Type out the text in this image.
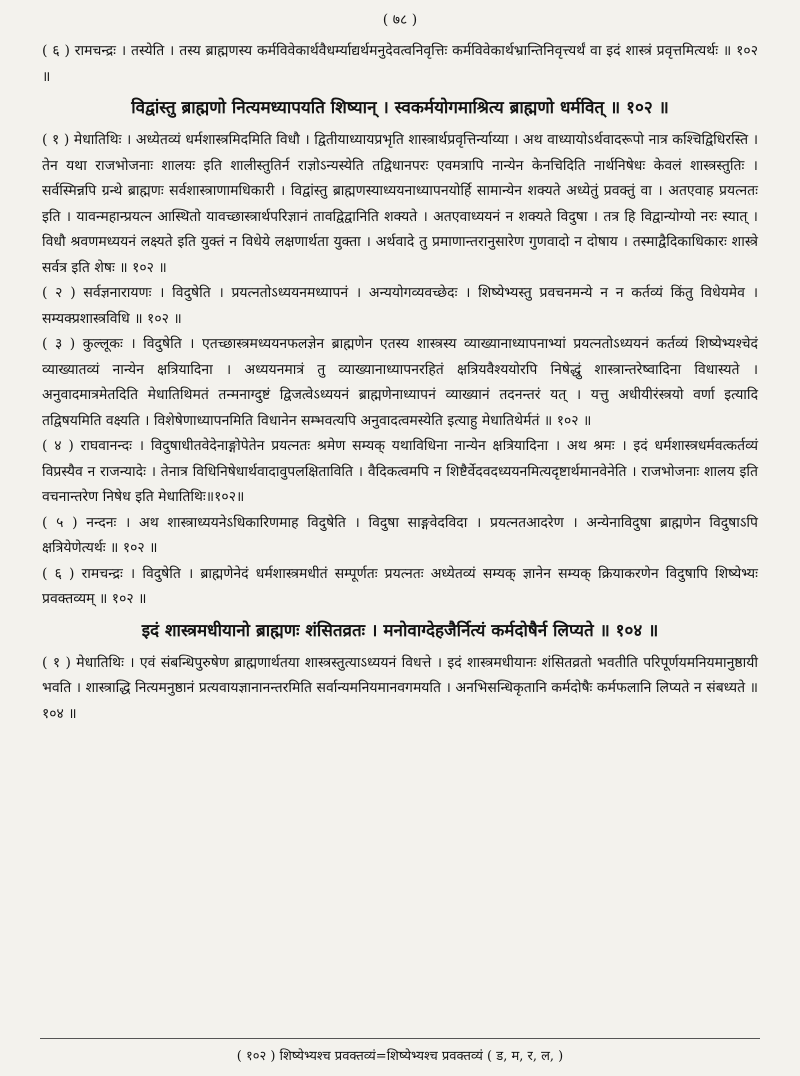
( ७८ )

( ६ ) रामचन्द्रः । तस्येति । तस्य ब्राह्मणस्य कर्मविवेकार्थवैधर्म्याद्यर्थमनुदेवत्वनिवृत्तिः कर्मविवेकार्थभ्रान्तिनिवृत्त्यर्थं वा इदं शास्त्रं प्रवृत्तमित्यर्थः ॥ १०२ ॥

विद्वांस्तु ब्राह्मणो नित्यमध्यापयति शिष्यान् । स्वकर्मयोगमाश्रित्य ब्राह्मणो धर्मवित् ॥ १०२ ॥

( १ ) मेधातिथिः । अध्येतव्यं धर्मशास्त्रमिदमिति विधौ । द्वितीयाध्यायप्रभृति शास्त्रार्थप्रवृत्तिर्न्याय्या । अथ वाध्यायोऽर्थवादरूपो नात्र कश्चिद्विधिरस्ति । तेन यथा राजभोजनाः शालयः इति शालीस्तुतिर्न राज्ञोऽन्यस्येति तद्विधानपरः एवमत्रापि नान्येन केनचिदिति नार्थनिषेधः केवलं शास्त्रस्तुतिः । सर्वस्मिन्नपि ग्रन्थे ब्राह्मणः सर्वशास्त्राणामधिकारी । विद्वांस्तु ब्राह्मणस्याध्ययनाध्यापनयोर्हि सामान्येन शक्यते अध्येतुं प्रवक्तुं वा । अतएवाह प्रयत्नतः इति । यावन्महान्प्रयत्न आस्थितो यावच्छास्त्रार्थपरिज्ञानं तावद्विद्वानिति शक्यते । अतएवाध्ययनं न शक्यते विदुषा । तत्र हि विद्वान्योग्यो नरः स्यात् । विधौ श्रवणमध्ययनं लक्ष्यते इति युक्तं न विधेये लक्षणार्थता युक्ता । अर्थवादे तु प्रमाणान्तरानुसारेण गुणवादो न दोषाय । तस्माद्वैदिकाधिकारः शास्त्रे सर्वत्र इति शेषः ॥ १०२ ॥

( २ ) सर्वज्ञनारायणः । विदुषेति । प्रयत्नतोऽध्ययनमध्यापनं । अन्ययोगव्यवच्छेदः । शिष्येभ्यस्तु प्रवचनमन्ये न न कर्तव्यं किंतु विधेयमेव । सम्यक्प्रशास्त्रविधि ॥ १०२ ॥

( ३ ) कुल्लूकः । विदुषेति । एतच्छास्त्रमध्ययनफलज्ञेन ब्राह्मणेन एतस्य शास्त्रस्य व्याख्यानाध्यापनाभ्यां प्रयत्नतोऽध्ययनं कर्तव्यं शिष्येभ्यश्चेदं व्याख्यातव्यं नान्येन क्षत्रियादिना । अध्ययनमात्रं तु व्याख्यानाध्यापनरहितं क्षत्रियवैश्ययोरपि निषेद्धुं शास्त्रान्तरेष्वादिना विधास्यते । अनुवादमात्रमेतदिति मेधातिथिमतं तन्मनाग्दुष्टं द्विजत्वेऽध्ययनं ब्राह्मणेनाध्यापनं व्याख्यानं तदनन्तरं यत् । यत्तु अधीयीरंस्त्रयो वर्णा इत्यादि तद्विषयमिति वक्ष्यति । विशेषेणाध्यापनमिति विधानेन सम्भवत्यपि अनुवादत्वमस्येति इत्याहु मेधातिथेर्मतं ॥ १०२ ॥

( ४ ) राघवानन्दः । विदुषाधीतवेदेनाङ्गोपेतेन प्रयत्नतः श्रमेण सम्यक् यथाविधिना नान्येन क्षत्रियादिना । अथ श्रमः । इदं धर्मशास्त्रधर्मवत्कर्तव्यं विप्रस्यैव न राजन्यादेः । तेनात्र विधिनिषेधार्थवादावुपलक्षिताविति । वैदिकत्वमपि न शिष्टैर्वेदवदध्ययनमित्यदृष्टार्थमानवेनेति । राजभोजनाः शालय इति वचनान्तरेण निषेध इति मेधातिथिः॥१०२॥

( ५ ) नन्दनः । अथ शास्त्राध्ययनेऽधिकारिणमाह विदुषेति । विदुषा साङ्गवेदविदा । प्रयत्नतआदरेण । अन्येनाविदुषा ब्राह्मणेन विदुषाऽपि क्षत्रियेणेत्यर्थः ॥ १०२ ॥

( ६ ) रामचन्द्रः । विदुषेति । ब्राह्मणेनेदं धर्मशास्त्रमधीतं सम्पूर्णतः प्रयत्नतः अध्येतव्यं सम्यक् ज्ञानेन सम्यक् क्रियाकरणेन विदुषापि शिष्येभ्यः प्रवक्तव्यम् ॥ १०२ ॥

इदं शास्त्रमधीयानो ब्राह्मणः शंसितव्रतः । मनोवाग्देहजैर्नित्यं कर्मदोषैर्न लिप्यते ॥ १०४ ॥

( १ ) मेधातिथिः । एवं संबन्धिपुरुषेण ब्राह्मणार्थतया शास्त्रस्तुत्याऽध्ययनं विधत्ते । इदं शास्त्रमधीयानः शंसितव्रतो भवतीति परिपूर्णयमनियमानुष्ठायी भवति । शास्त्राद्धि नित्यमनुष्ठानं प्रत्यवायज्ञानानन्तरमिति सर्वान्यमनियमानवगमयति । अनभिसन्धिकृतानि कर्मदोषैः कर्मफलानि लिप्यते न संबध्यते ॥ १०४ ॥

( १०२ ) शिष्येभ्यश्च प्रवक्तव्यं=शिष्येभ्यश्च प्रवक्तव्यं ( ड, म, र, ल, )
